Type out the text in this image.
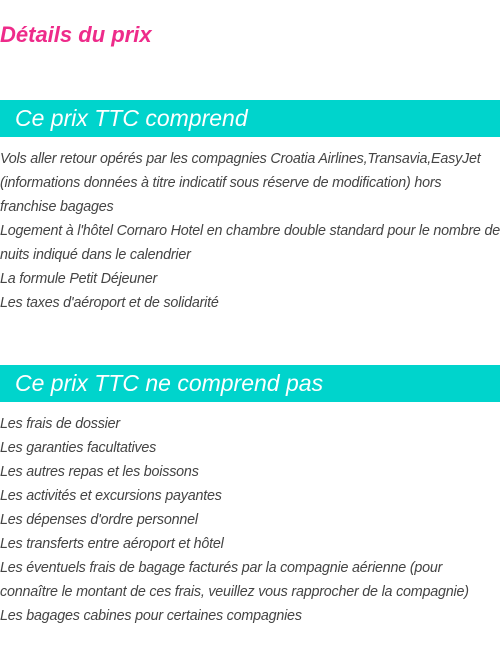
Détails du prix
Ce prix TTC comprend
Vols aller retour opérés par les compagnies Croatia Airlines,Transavia,EasyJet (informations données à titre indicatif sous réserve de modification) hors franchise bagages
Logement à l'hôtel Cornaro Hotel en chambre double standard pour le nombre de nuits indiqué dans le calendrier
La formule Petit Déjeuner
Les taxes d'aéroport et de solidarité
Ce prix TTC ne comprend pas
Les frais de dossier
Les garanties facultatives
Les autres repas et les boissons
Les activités et excursions payantes
Les dépenses d'ordre personnel
Les transferts entre aéroport et hôtel
Les éventuels frais de bagage facturés par la compagnie aérienne (pour connaître le montant de ces frais, veuillez vous rapprocher de la compagnie)
Les bagages cabines pour certaines compagnies
